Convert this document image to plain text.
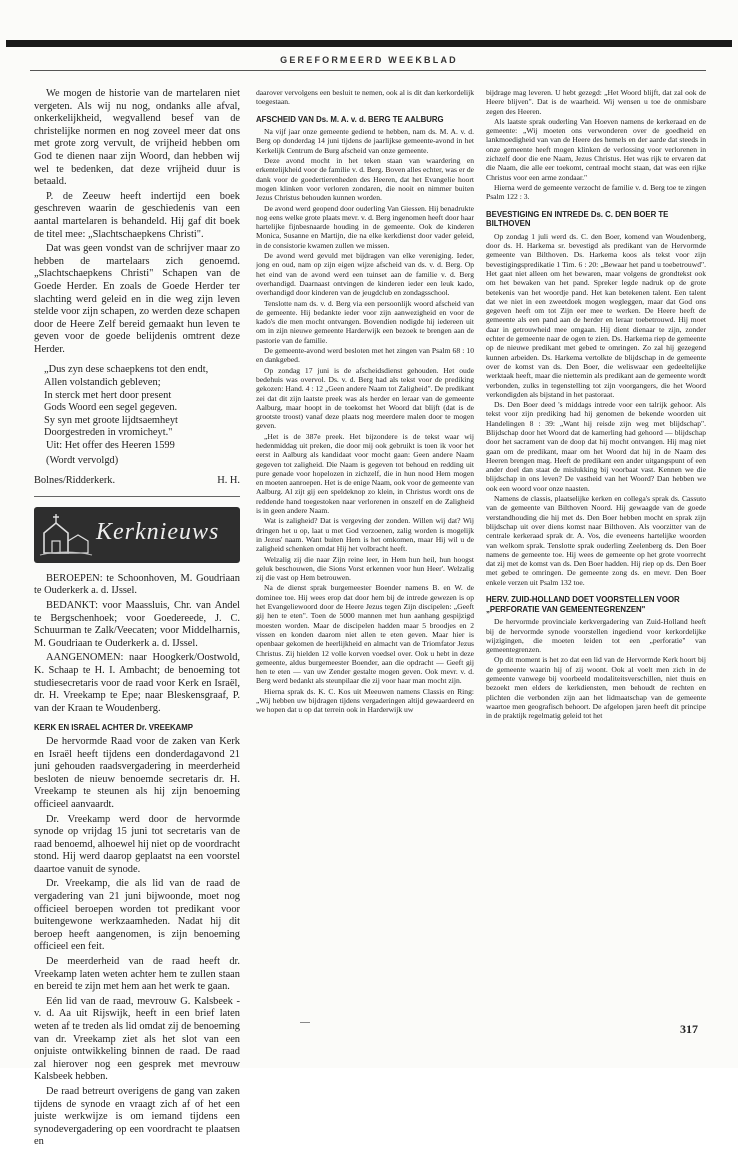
GEREFORMEERD WEEKBLAD

We mogen de historie van de martelaren niet vergeten. Als wij nu nog, ondanks alle afval, onkerkelijkheid, wegvallend besef van de christelijke normen en nog zoveel meer dat ons met grote zorg vervult, de vrijheid hebben om God te dienen naar zijn Woord, dan hebben wij wel te bedenken, dat deze vrijheid duur is betaald.

P. de Zeeuw heeft indertijd een boek geschreven waarin de geschiedenis van een aantal martelaren is behandeld. Hij gaf dit boek de titel mee: „Slachtschaepkens Christi".

Dat was geen vondst van de schrijver maar zo hebben de martelaars zich genoemd. „Slachtschaepkens Christi" Schapen van de Goede Herder. En zoals de Goede Herder ter slachting werd geleid en in die weg zijn leven stelde voor zijn schapen, zo werden deze schapen door de Heere Zelf bereid gemaakt hun leven te geven voor de goede belijdenis omtrent deze Herder.

„Dus zyn dese schaepkens tot den endt,
Allen volstandich gebleven;
In sterck met hert door present
Gods Woord een segel gegeven.
Sy syn met groote lijdtsaemheyt
Doorgestreden in vromicheyt."

Uit: Het offer des Heeren 1599

(Wordt vervolgd)

Bolnes/Ridderkerk.	H. H.
Kerknieuws

BEROEPEN: te Schoonhoven, M. Goudriaan te Ouderkerk a. d. IJssel.

BEDANKT: voor Maassluis, Chr. van Andel te Bergschenhoek; voor Goedereede, J. C. Schuurman te Zalk/Veecaten; voor Middelharnis, M. Goudriaan te Ouderkerk a. d. IJssel.

AANGENOMEN: naar Hoogkerk/Oostwold, K. Schaap te H. I. Ambacht; de benoeming tot studiesecretaris voor de raad voor Kerk en Israël, dr. H. Vreekamp te Epe; naar Bleskensgraaf, P. van der Kraan te Woudenberg.

KERK EN ISRAEL ACHTER Dr. VREEKAMP

De hervormde Raad voor de zaken van Kerk en Israël heeft tijdens een donderdagavond 21 juni gehouden raadsvergadering in meerderheid besloten de nieuw benoemde secretaris dr. H. Vreekamp te steunen als hij zijn benoeming officieel aanvaardt.

Dr. Vreekamp werd door de hervormde synode op vrijdag 15 juni tot secretaris van de raad benoemd, alhoewel hij niet op de voordracht stond. Hij werd daarop geplaatst na een voorstel daartoe vanuit de synode.

Dr. Vreekamp, die als lid van de raad de vergadering van 21 juni bijwoonde, moet nog officieel beroepen worden tot predikant voor buitengewone werkzaamheden. Nadat hij dit beroep heeft aangenomen, is zijn benoeming officieel een feit.

De meerderheid van de raad heeft dr. Vreekamp laten weten achter hem te zullen staan en bereid te zijn met hem aan het werk te gaan.

Eén lid van de raad, mevrouw G. Kalsbeek - v. d. Aa uit Rijswijk, heeft in een brief laten weten af te treden als lid omdat zij de benoeming van dr. Vreekamp ziet als het slot van een onjuiste ontwikkeling binnen de raad. De raad zal hierover nog een gesprek met mevrouw Kalsbeek hebben.

De raad betreurt overigens de gang van zaken tijdens de synode en vraagt zich af of het een juiste werkwijze is om iemand tijdens een synodevergadering op een voordracht te plaatsen en

daarover vervolgens een besluit te nemen, ook al is dit dan kerkordelijk toegestaan.

AFSCHEID VAN Ds. M. A. v. d. BERG TE AALBURG

Na vijf jaar onze gemeente gediend te hebben, nam ds. M. A. v. d. Berg op donderdag 14 juni tijdens de jaarlijkse gemeente-avond in het Kerkelijk Centrum de Burg afscheid van onze gemeente.

Deze avond mocht in het teken staan van waardering en erkentelijkheid voor de familie v. d. Berg. Boven alles echter, was er de dank voor de goedertierenheden des Heeren, dat het Evangelie hoort mogen klinken voor verloren zondaren, die nooit en nimmer buiten Jezus Christus behouden kunnen worden.

De avond werd geopend door ouderling Van Giessen. Hij benadrukte nog eens welke grote plaats mevr. v. d. Berg ingenomen heeft door haar hartelijke fijnbesnaarde houding in de gemeente. Ook de kinderen Monica, Susanne en Martijn, die na elke kerkdienst door vader geleid, in de consistorie kwamen zullen we missen.

De avond werd gevuld met bijdragen van elke vereniging. Ieder, jong en oud, nam op zijn eigen wijze afscheid van ds. v. d. Berg. Op het eind van de avond werd een tuinset aan de familie v. d. Berg overhandigd. Daarnaast ontvingen de kinderen ieder een leuk kado, overhandigd door kinderen van de jeugdclub en zondagsschool.

Tenslotte nam ds. v. d. Berg via een persoonlijk woord afscheid van de gemeente. Hij bedankte ieder voor zijn aanwezigheid en voor de kado's die men mocht ontvangen. Bovendien nodigde hij iedereen uit om in zijn nieuwe gemeente Harderwijk een bezoek te brengen aan de pastorie van de familie.

De gemeente-avond werd besloten met het zingen van Psalm 68 : 10 en dankgebed.

Op zondag 17 juni is de afscheidsdienst gehouden. Het oude bedehuis was overvol. Ds. v. d. Berg had als tekst voor de prediking gekozen: Hand. 4 : 12 „Geen andere Naam tot Zaligheid". De predikant zei dat dit zijn laatste preek was als herder en leraar van de gemeente Aalburg, maar hoopt in de toekomst het Woord dat blijft (dat is de grootste troost) vanaf deze plaats nog meerdere malen door te mogen geven.

„Het is de 387e preek. Het bijzondere is de tekst waar wij hedenmiddag uit preken, die door mij ook gebruikt is toen ik voor het eerst in Aalburg als kandidaat voor mocht gaan: Geen andere Naam gegeven tot zaligheid. Die Naam is gegeven tot behoud en redding uit pure genade voor hopelozen in zichzelf, die in hun nood Hem mogen en moeten aanroepen. Het is de enige Naam, ook voor de gemeente van Aalburg. Al zijt gij een speldeknop zo klein, in Christus wordt ons de reddende hand toegestoken naar verlorenen in onszelf en de Zaligheid is in geen andere Naam.

Wat is zaligheid? Dat is vergeving der zonden. Willen wij dat? Wij dringen het u op, laat u met God verzoenen, zalig worden is mogelijk in Jezus' naam. Want buiten Hem is het omkomen, maar Hij wil u de zaligheid schenken omdat Hij het volbracht heeft.

Welzalig zij die naar Zijn reine leer, in Hem hun heil, hun hoogst geluk beschouwen, die Sions Vorst erkennen voor hun Heer'. Welzalig zij die vast op Hem betrouwen.

Na de dienst sprak burgemeester Boender namens B. en W. de dominee toe. Hij wees erop dat door hem bij de intrede gewezen is op het Evangeliewoord door de Heere Jezus tegen Zijn discipelen: „Geeft gij hen te eten". Toen de 5000 mannen met hun aanhang gespijzigd moesten worden. Maar de discipelen hadden maar 5 broodjes en 2 vissen en konden daarom niet allen te eten geven. Maar hier is openbaar gekomen de heerlijkheid en almacht van de Triomfator Jezus Christus. Zij hielden 12 volle korven voedsel over. Ook u hebt in deze gemeente, aldus burgemeester Boender, aan die opdracht — Geeft gij hen te eten — van uw Zender gestalte mogen geven. Ook mevr. v. d. Berg werd bedankt als steunpilaar die zij voor haar man mocht zijn.

Hierna sprak ds. K. C. Kos uit Meeuwen namens Classis en Ring: „Wij hebben uw bijdragen tijdens vergaderingen altijd gewaardeerd en we hopen dat u op dat terrein ook in Harderwijk uw

bijdrage mag leveren. U hebt gezegd: „Het Woord blijft, dat zal ook de Heere blijven". Dat is de waarheid. Wij wensen u toe de onmisbare zegen des Heeren.

Als laatste sprak ouderling Van Hoeven namens de kerkeraad en de gemeente: „Wij moeten ons verwonderen over de goedheid en lankmoedigheid van van de Heere des hemels en der aarde dat steeds in onze gemeente heeft mogen klinken de verlossing voor verlorenen in zichzelf door die ene Naam, Jezus Christus. Het was rijk te ervaren dat die Naam, die alle eer toekomt, centraal mocht staan, dat was een rijke Christus voor een arme zondaar."

Hierna werd de gemeente verzocht de familie v. d. Berg toe te zingen Psalm 122 : 3.

BEVESTIGING EN INTREDE Ds. C. DEN BOER TE BILTHOVEN

Op zondag 1 juli werd ds. C. den Boer, komend van Woudenberg, door ds. H. Harkema sr. bevestigd als predikant van de Hervormde gemeente van Bilthoven. Ds. Harkema koos als tekst voor zijn bevestigingspredikatie 1 Tim. 6 : 20: „Bewaar het pand u toebetrouwd". Het gaat niet alleen om het bewaren, maar volgens de grondtekst ook om het bewaken van het pand. Spreker legde nadruk op de grote betekenis van het woordje pand. Het kan betekenen talent. Een talent dat we niet in een zweetdoek mogen wegleggen, maar dat God ons gegeven heeft om tot Zijn eer mee te werken. De Heere heeft de gemeente als een pand aan de herder en leraar toebetrouwd. Hij moet daar in getrouwheid mee omgaan. Hij dient dienaar te zijn, zonder echter de gemeente naar de ogen te zien. Ds. Harkema riep de gemeente op de nieuwe predikant met gebed te omringen. Zo zal hij gezegend kunnen arbeiden. Ds. Harkema vertolkte de blijdschap in de gemeente over de komst van ds. Den Boer, die weliswaar een gedeeltelijke werktaak heeft, maar die niettemin als predikant aan de gemeente wordt verbonden, zulks in tegenstelling tot zijn voorgangers, die het Woord verkondigden als bijstand in het pastoraat.

Ds. Den Boer deed 's middags intrede voor een talrijk gehoor. Als tekst voor zijn prediking had hij genomen de bekende woorden uit Handelingen 8 : 39: „Want hij reisde zijn weg met blijdschap". Blijdschap door het Woord dat de kamerling had gehoord — blijdschap door het sacrament van de doop dat hij mocht ontvangen. Hij mag niet gaan om de predikant, maar om het Woord dat hij in de Naam des Heeren brengen mag. Heeft de predikant een ander uitgangspunt of een ander doel dan staat de mislukking bij voorbaat vast. Kennen we die blijdschap in ons leven? De vastheid van het Woord? Dan hebben we ook een woord voor onze naasten.

Namens de classis, plaatselijke kerken en collega's sprak ds. Cassuto van de gemeente van Bilthoven Noord. Hij gewaagde van de goede verstandhouding die hij met ds. Den Boer hebben mocht en sprak zijn blijdschap uit over diens komst naar Bilthoven. Als voorzitter van de centrale kerkeraad sprak dr. A. Vos, die eveneens hartelijke woorden van welkom sprak. Tenslotte sprak ouderling Zeelenberg ds. Den Boer namens de gemeente toe. Hij wees de gemeente op het grote voorrecht dat zij met de komst van ds. Den Boer hadden. Hij riep op ds. Den Boer met gebed te omringen. De gemeente zong ds. en mevr. Den Boer enkele verzen uit Psalm 132 toe.

HERV. ZUID-HOLLAND DOET VOORSTELLEN VOOR „PERFORATIE VAN GEMEENTEGRENZEN"

De hervormde provinciale kerkvergadering van Zuid-Holland heeft bij de hervormde synode voorstellen ingediend voor kerkordelijke wijzigingen, die moeten leiden tot een „perforatie" van gemeentegrenzen.

Op dit moment is het zo dat een lid van de Hervormde Kerk hoort bij de gemeente waarin hij of zij woont. Ook al voelt men zich in de gemeente vanwege bij voorbeeld modaliteitsverschillen, niet thuis en bezoekt men elders de kerkdiensten, men behoudt de rechten en plichten die verbonden zijn aan het lidmaatschap van de gemeente waartoe men geografisch behoort. De afgelopen jaren heeft dit principe in de praktijk regelmatig geleid tot het

317
